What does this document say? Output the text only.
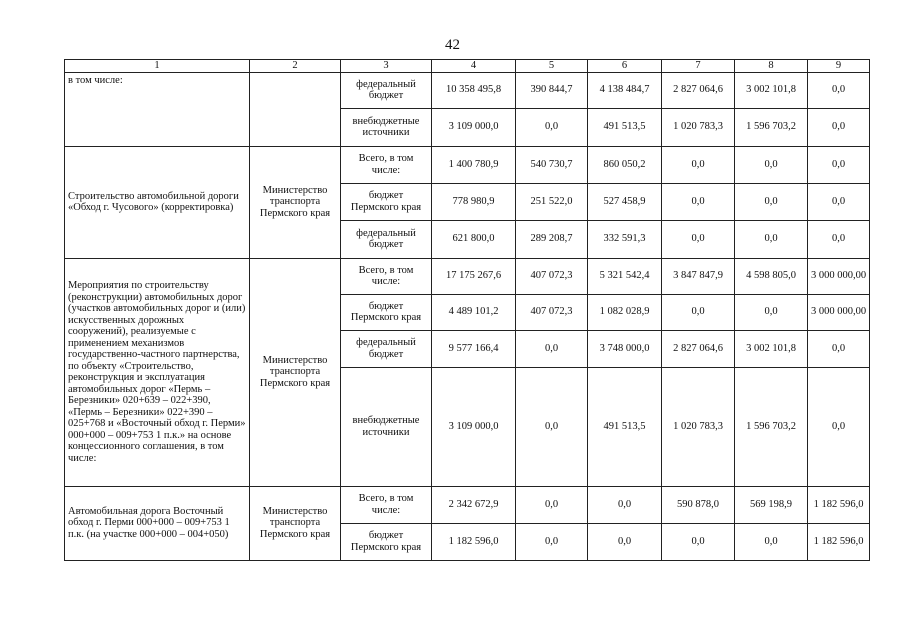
42
1	2	3	4	5	6	7	8	9
в том числе:		федеральный бюджет	10 358 495,8	390 844,7	4 138 484,7	2 827 064,6	3 002 101,8	0,0
		внебюджетные источники	3 109 000,0	0,0	491 513,5	1 020 783,3	1 596 703,2	0,0
Строительство автомобильной дороги «Обход г. Чусового» (корректировка)	Министерство транспорта Пермского края	Всего, в том числе:	1 400 780,9	540 730,7	860 050,2	0,0	0,0	0,0
		бюджет Пермского края	778 980,9	251 522,0	527 458,9	0,0	0,0	0,0
		федеральный бюджет	621 800,0	289 208,7	332 591,3	0,0	0,0	0,0
Мероприятия по строительству (реконструкции) автомобильных дорог (участков автомобильных дорог и (или) искусственных дорожных сооружений), реализуемые с применением механизмов государственно-частного партнерства, по объекту «Строительство, реконструкция и эксплуатация автомобильных дорог «Пермь – Березники» 020+639 – 022+390, «Пермь – Березники» 022+390 – 025+768 и «Восточный обход г. Перми» 000+000 – 009+753 1 п.к.» на основе концессионного соглашения, в том числе:	Министерство транспорта Пермского края	Всего, в том числе:	17 175 267,6	407 072,3	5 321 542,4	3 847 847,9	4 598 805,0	3 000 000,00
		бюджет Пермского края	4 489 101,2	407 072,3	1 082 028,9	0,0	0,0	3 000 000,00
		федеральный бюджет	9 577 166,4	0,0	3 748 000,0	2 827 064,6	3 002 101,8	0,0
		внебюджетные источники	3 109 000,0	0,0	491 513,5	1 020 783,3	1 596 703,2	0,0
Автомобильная дорога Восточный обход г. Перми 000+000 – 009+753 1 п.к. (на участке 000+000 – 004+050)	Министерство транспорта Пермского края	Всего, в том числе:	2 342 672,9	0,0	0,0	590 878,0	569 198,9	1 182 596,0
		бюджет Пермского края	1 182 596,0	0,0	0,0	0,0	0,0	1 182 596,0
